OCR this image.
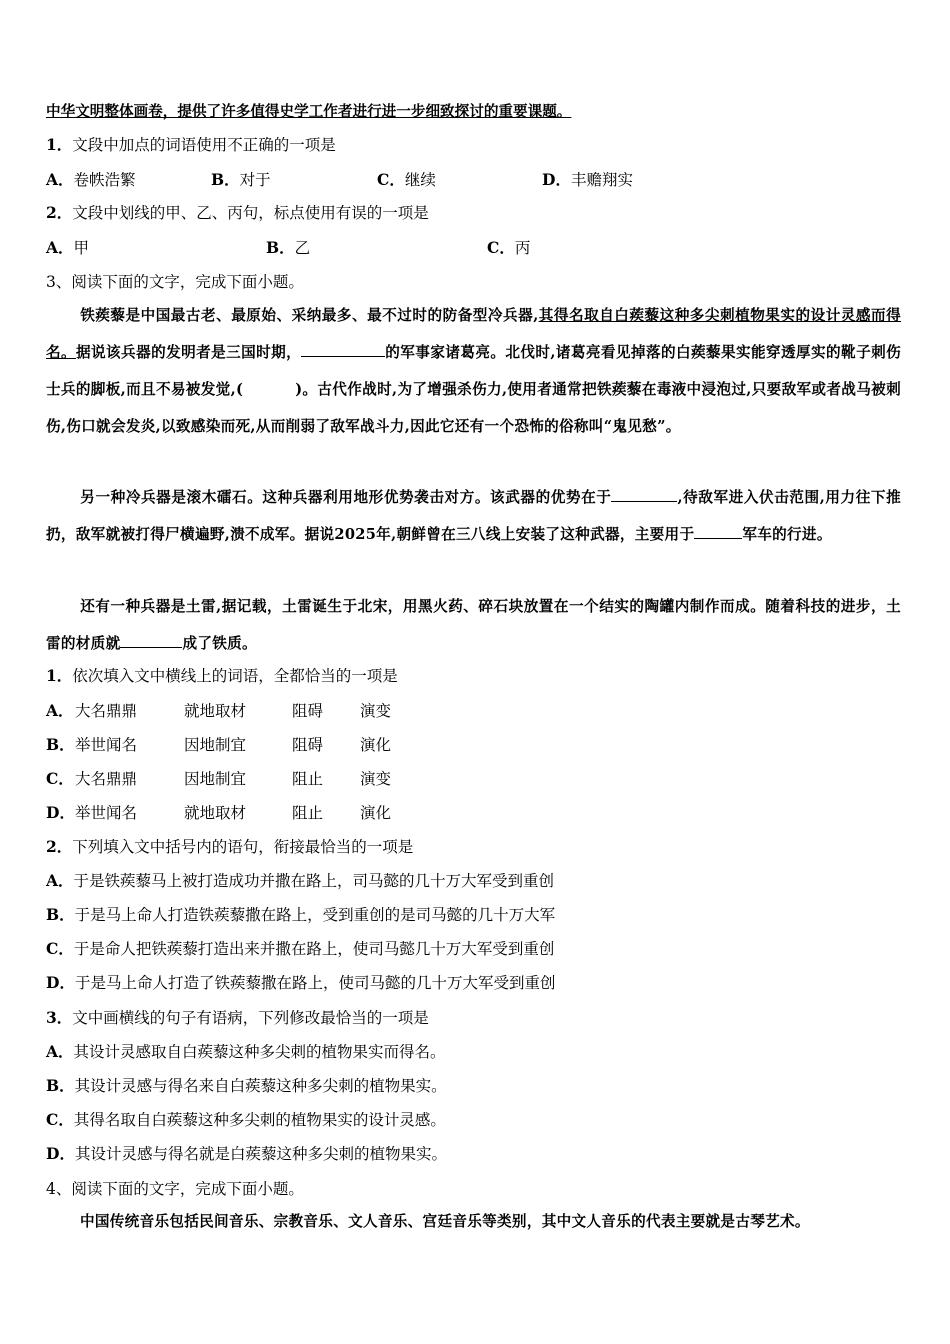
中华文明整体画卷，提供了许多值得史学工作者进行进一步细致探讨的重要课题。
1．文段中加点的词语使用不正确的一项是
A．卷帙浩繁	B．对于	C．继续	D．丰赡翔实
2．文段中划线的甲、乙、丙句，标点使用有误的一项是
A．甲	B．乙	C．丙
3、阅读下面的文字，完成下面小题。
铁蒺藜是中国最古老、最原始、采纳最多、最不过时的防备型冷兵器,其得名取自白蒺藜这种多尖刺植物果实的设计灵感而得名。据说该兵器的发明者是三国时期，	的军事家诸葛亮。北伐时,诸葛亮看见掉落的白蒺藜果实能穿透厚实的靴子刺伤士兵的脚板,而且不易被发觉,(	)。古代作战时,为了增强杀伤力,使用者通常把铁蒺藜在毒液中浸泡过,只要敌军或者战马被刺伤,伤口就会发炎,以致感染而死,从而削弱了敌军战斗力,因此它还有一个恐怖的俗称叫“鬼见愁”。
另一种冷兵器是滚木礌石。这种兵器利用地形优势袭击对方。该武器的优势在于	,待敌军进入伏击范围,用力往下推扔，敌军就被打得尸横遍野,溃不成军。据说2025年,朝鲜曾在三八线上安装了这种武器，主要用于	军车的行进。
还有一种兵器是土雷,据记载，土雷诞生于北宋，用黑火药、碎石块放置在一个结实的陶罐内制作而成。随着科技的进步，土雷的材质就	成了铁质。
1．依次填入文中横线上的词语，全都恰当的一项是
A． 大名鼎鼎	就地取材	阻碍 演变
B． 举世闻名	因地制宜	阻碍 演化
C． 大名鼎鼎	因地制宜	阻止 演变
D． 举世闻名	就地取材	阻止 演化
2．下列填入文中括号内的语句，衔接最恰当的一项是
A．于是铁蒺藜马上被打造成功并撒在路上，司马懿的几十万大军受到重创
B．于是马上命人打造铁蒺藜撒在路上，受到重创的是司马懿的几十万大军
C．于是命人把铁蒺藜打造出来并撒在路上，使司马懿几十万大军受到重创
D．于是马上命人打造了铁蒺藜撒在路上，使司马懿的几十万大军受到重创
3．文中画横线的句子有语病，下列修改最恰当的一项是
A．其设计灵感取自白蒺藜这种多尖刺的植物果实而得名。
B．其设计灵感与得名来自白蒺藜这种多尖刺的植物果实。
C．其得名取自白蒺藜这种多尖刺的植物果实的设计灵感。
D．其设计灵感与得名就是白蒺藜这种多尖刺的植物果实。
4、阅读下面的文字，完成下面小题。
中国传统音乐包括民间音乐、宗教音乐、文人音乐、宫廷音乐等类别，其中文人音乐的代表主要就是古琴艺术。
